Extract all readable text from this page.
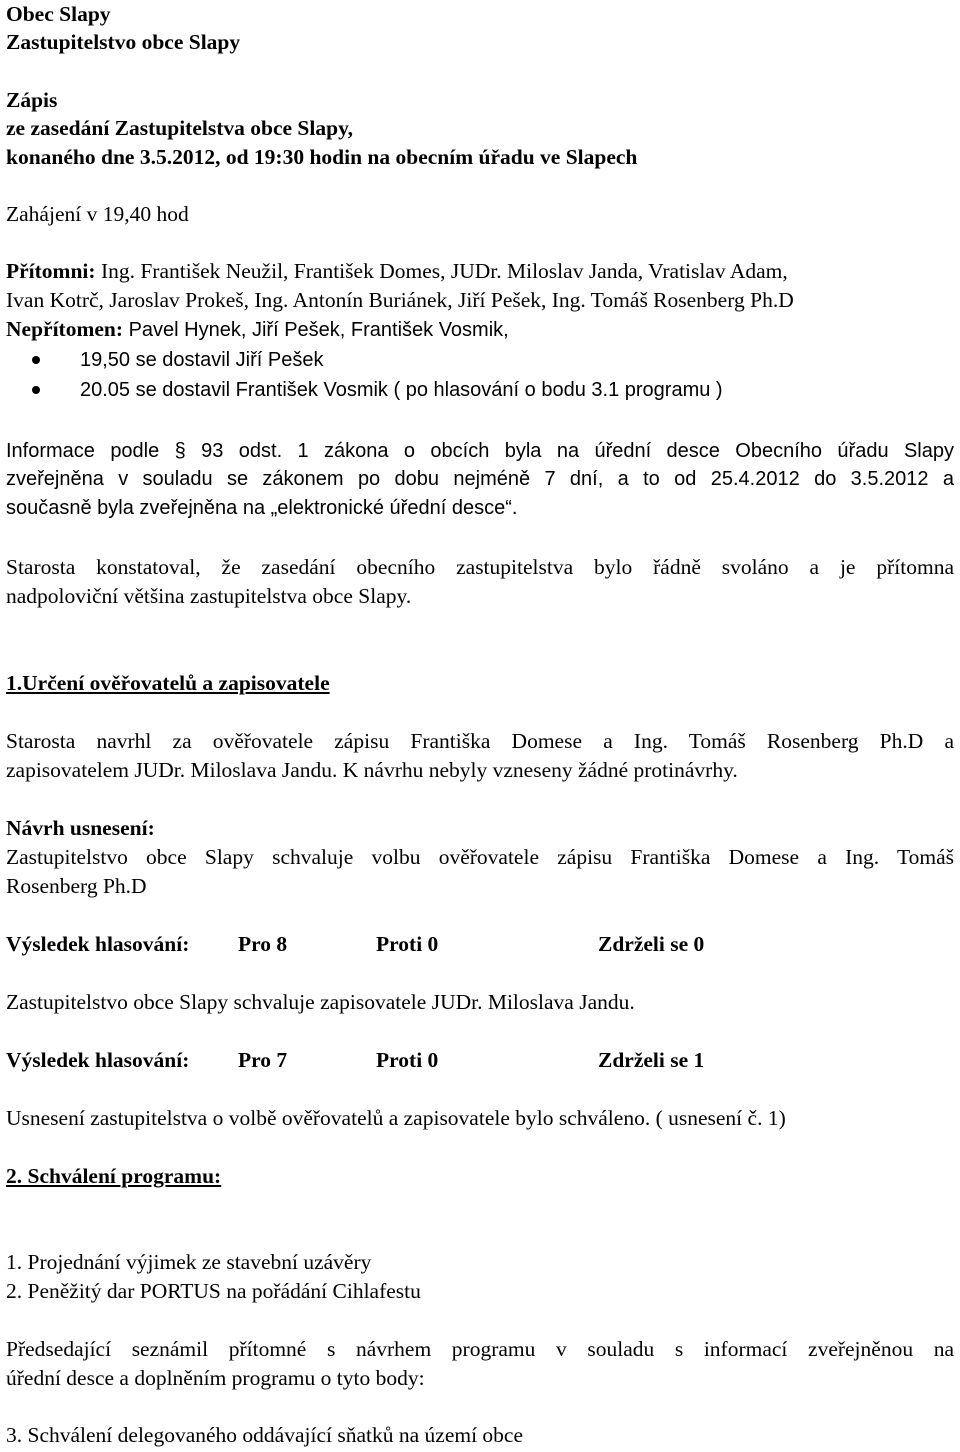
Obec Slapy
Zastupitelstvo obce Slapy
Zápis
ze zasedání Zastupitelstva obce Slapy,
konaného dne 3.5.2012, od 19:30 hodin na obecním úřadu ve Slapech
Zahájení v 19,40 hod
Přítomni: Ing. František Neužil, František Domes, JUDr. Miloslav Janda, Vratislav Adam,
Ivan Kotrč, Jaroslav Prokeš, Ing. Antonín Buriánek, Jiří Pešek, Ing. Tomáš Rosenberg Ph.D
Nepřítomen: Pavel Hynek, Jiří Pešek, František Vosmik,
19,50 se dostavil Jiří Pešek
20.05 se dostavil František Vosmik ( po hlasování o bodu 3.1 programu )
Informace podle § 93 odst. 1 zákona o obcích byla na úřední desce Obecního úřadu Slapy
zveřejněna v souladu se zákonem po dobu nejméně 7 dní, a to od 25.4.2012 do 3.5.2012 a
současně byla zveřejněna na „elektronické úřední desce“.
Starosta konstatoval, že zasedání obecního zastupitelstva bylo řádně svoláno a je přítomna
nadpoloviční většina zastupitelstva obce Slapy.
1.Určení ověřovatelů a zapisovatele
Starosta navrhl za ověřovatele zápisu Františka Domese a Ing. Tomáš Rosenberg Ph.D a
zapisovatelem JUDr. Miloslava Jandu. K návrhu nebyly vzneseny žádné protinávrhy.
Návrh usnesení:
Zastupitelstvo obce Slapy schvaluje volbu ověřovatele zápisu Františka Domese a Ing. Tomáš
Rosenberg Ph.D
Výsledek hlasování: Pro 8	Proti 0	Zdrželi se 0
Zastupitelstvo obce Slapy schvaluje zapisovatele JUDr. Miloslava Jandu.
Výsledek hlasování: Pro 7	Proti 0	Zdrželi se 1
Usnesení zastupitelstva o volbě ověřovatelů a zapisovatele bylo schváleno. ( usnesení č. 1)
2. Schválení programu:
1. Projednání výjimek ze stavební uzávěry
2. Peněžitý dar PORTUS na pořádání Cihlafestu
Předsedající seznámil přítomné s návrhem programu v souladu s informací zveřejněnou na
úřední desce a doplněním programu o tyto body:
3. Schválení delegovaného oddávající sňatků na území obce
